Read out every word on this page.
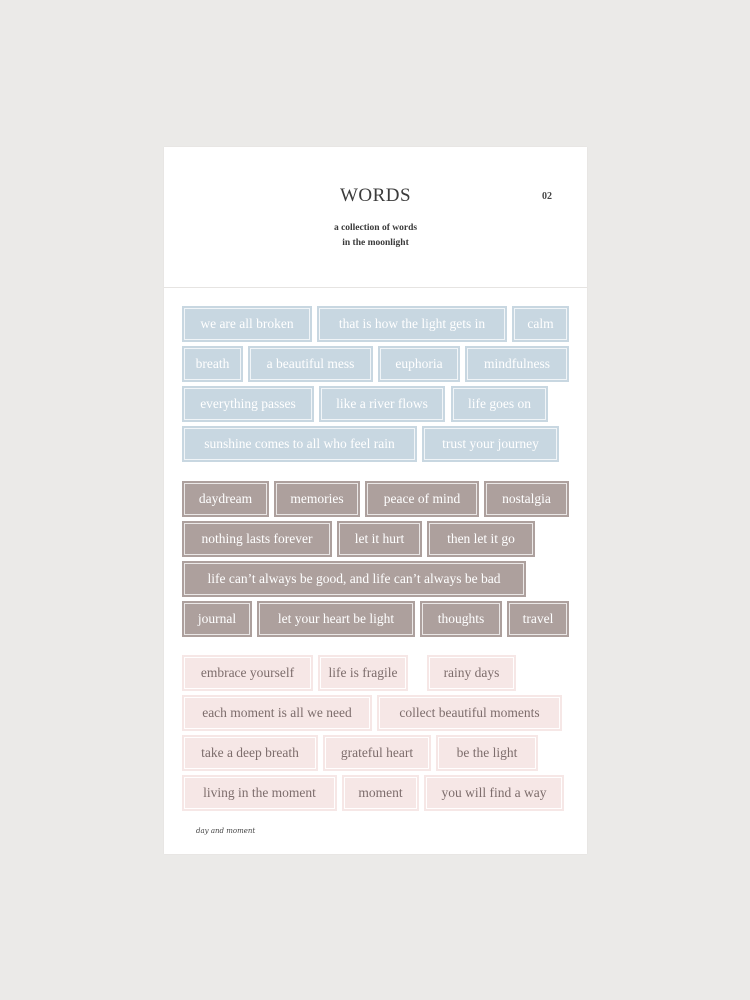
WORDS	02
a collection of words
in the moonlight
we are all broken	that is how the light gets in	calm
breath	a beautiful mess	euphoria	mindfulness
everything passes	like a river flows	life goes on
sunshine comes to all who feel rain	trust your journey
daydream	memories	peace of mind	nostalgia
nothing lasts forever	let it hurt	then let it go
life can’t always be good, and life can’t always be bad
journal	let your heart be light	thoughts	travel
embrace yourself	life is fragile	rainy days
each moment is all we need	collect beautiful moments
take a deep breath	grateful heart	be the light
living in the moment	moment	you will find a way
day and moment
